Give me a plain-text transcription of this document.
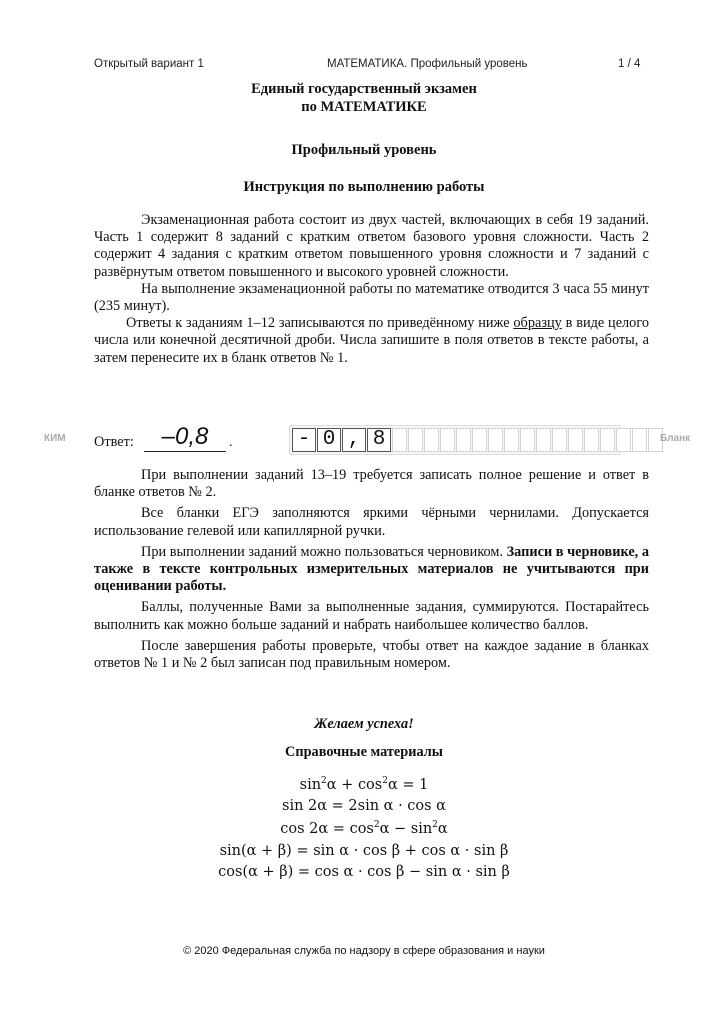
Открытый вариант 1	МАТЕМАТИКА. Профильный уровень	1 / 4
Единый государственный экзамен
по МАТЕМАТИКЕ
Профильный уровень
Инструкция по выполнению работы

Экзаменационная работа состоит из двух частей, включающих в себя 19 заданий. Часть 1 содержит 8 заданий с кратким ответом базового уровня сложности. Часть 2 содержит 4 задания с кратким ответом повышенного уровня сложности и 7 заданий с развёрнутым ответом повышенного и высокого уровней сложности.

На выполнение экзаменационной работы по математике отводится 3 часа 55 минут (235 минут).

Ответы к заданиям 1–12 записываются по приведённому ниже образцу в виде целого числа или конечной десятичной дроби. Числа запишите в поля ответов в тексте работы, а затем перенесите их в бланк ответов № 1.

КИМ Ответ:	–0,8	.	- 0 , 8	Бланк

При выполнении заданий 13–19 требуется записать полное решение и ответ в бланке ответов № 2.

Все бланки ЕГЭ заполняются яркими чёрными чернилами. Допускается использование гелевой или капиллярной ручки.

При выполнении заданий можно пользоваться черновиком. Записи в черновике, а также в тексте контрольных измерительных материалов не учитываются при оценивании работы.

Баллы, полученные Вами за выполненные задания, суммируются. Постарайтесь выполнить как можно больше заданий и набрать наибольшее количество баллов.

После завершения работы проверьте, чтобы ответ на каждое задание в бланках ответов № 1 и № 2 был записан под правильным номером.

Желаем успеха!
Справочные материалы
$\sin^2\alpha + \cos^2\alpha = 1$
sin 2α = 2sin α · cos α
$\cos 2\alpha = \cos^2\alpha - \sin^2\alpha$
sin(α + β) = sin α · cos β + cos α · sin β
cos(α + β) = cos α · cos β − sin α · sin β
© 2020 Федеральная служба по надзору в сфере образования и науки
